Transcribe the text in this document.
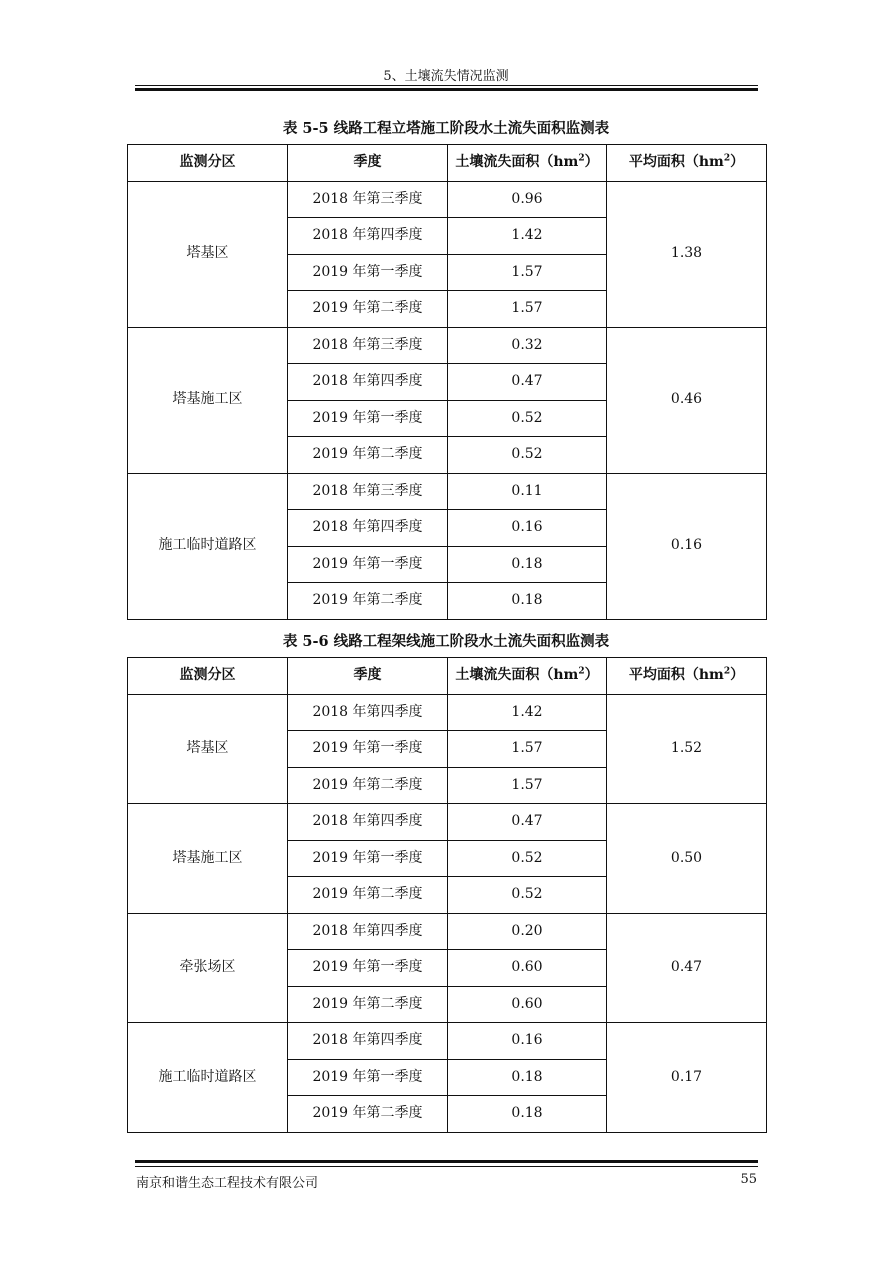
5、土壤流失情况监测
表 5-5 线路工程立塔施工阶段水土流失面积监测表
监测分区	季度	土壤流失面积$(hm^2)$	平均面积$(hm^2)$
塔基区	2018 年第三季度	0.96	1.38
	2018 年第四季度	1.42	
	2019 年第一季度	1.57	
	2019 年第二季度	1.57	
塔基施工区	2018 年第三季度	0.32	0.46
	2018 年第四季度	0.47	
	2019 年第一季度	0.52	
	2019 年第二季度	0.52	
施工临时道路区	2018 年第三季度	0.11	0.16
	2018 年第四季度	0.16	
	2019 年第一季度	0.18	
	2019 年第二季度	0.18	
表 5-6 线路工程架线施工阶段水土流失面积监测表
监测分区	季度	土壤流失面积$(hm^2)$	平均面积$(hm^2)$
塔基区	2018 年第四季度	1.42	1.52
	2019 年第一季度	1.57	
	2019 年第二季度	1.57	
塔基施工区	2018 年第四季度	0.47	0.50
	2019 年第一季度	0.52	
	2019 年第二季度	0.52	
牵张场区	2018 年第四季度	0.20	0.47
	2019 年第一季度	0.60	
	2019 年第二季度	0.60	
施工临时道路区	2018 年第四季度	0.16	0.17
	2019 年第一季度	0.18	
	2019 年第二季度	0.18	
南京和谐生态工程技术有限公司	55
